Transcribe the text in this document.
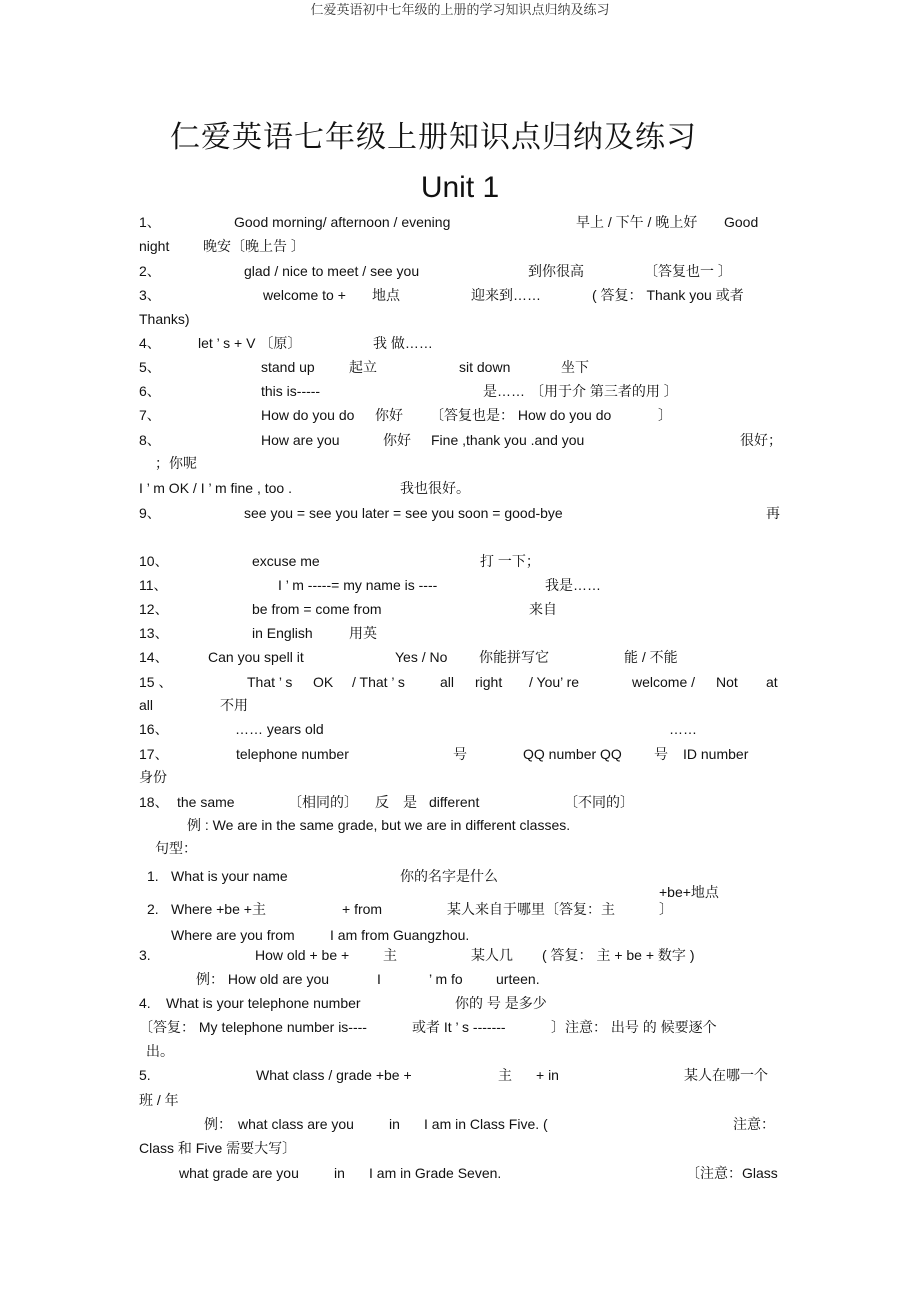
仁爱英语初中七年级的上册的学习知识点归纳及练习
仁爱英语七年级上册知识点归纳及练习
Unit 1
1、	Good morning/ afternoon / evening	早上 / 下午 / 晚上好 Good
night 晚安〔晚上告 〕
2、	glad / nice to meet / see you	到你很高	〔答复也一 〕
3、	welcome to + 地点	迎来到……	( 答复： Thank you 或者
Thanks)
4、	let ’ s + V 〔原〕	我 做……
5、	stand up 起立	sit down	坐下
6、	this is-----	是…… 〔用于介 第三者的用 〕
7、	How do you do 你好 〔答复也是： How do you do	〕
8、	How are you	你好 Fine ,thank you .and you	很好；
；你呢
I ’ m OK / I ’ m fine , too .	我也很好。
9、	see you = see you later = see you soon = good-bye	再
10、	excuse me	打 一下；
11、	I ’ m -----= my name is ----	我是……
12、	be from = come from	来自
13、	in English	用英
14、	Can you spell it	Yes / No 你能拼写它	能 / 不能
15 、	That ’ s OK / That ’ s	all right / You’ re	welcome / Not at
all	不用
16、	…… years old	……
17、	telephone number	号	QQ number QQ 号 ID number
身份
18、 the same	〔相同的〕 反 是 different	〔不同的〕
例 : We are in the same grade, but we are in different classes.
句型：
1. What is your name	你的名字是什么
+be+地点
2. Where +be +主	+ from	某人来自于哪里〔答复：主	〕
Where are you from	I am from Guangzhou.
3.	How old + be + 主	某人几 ( 答复： 主 + be + 数字 )
例： How old are you	I	’ m fo urteen.
4. What is your telephone number	你的 号 是多少
〔答复： My telephone number is----	或者 It ’ s -------	〕注意： 出号 的 候要逐个
出。
5.	What class / grade +be +	主 + in	某人在哪一个
班 / 年
例： what class are you	in I am in Class Five. (	注意：
Class 和 Five 需要大写〕
what grade are you	in I am in Grade Seven.	〔注意：Glass
